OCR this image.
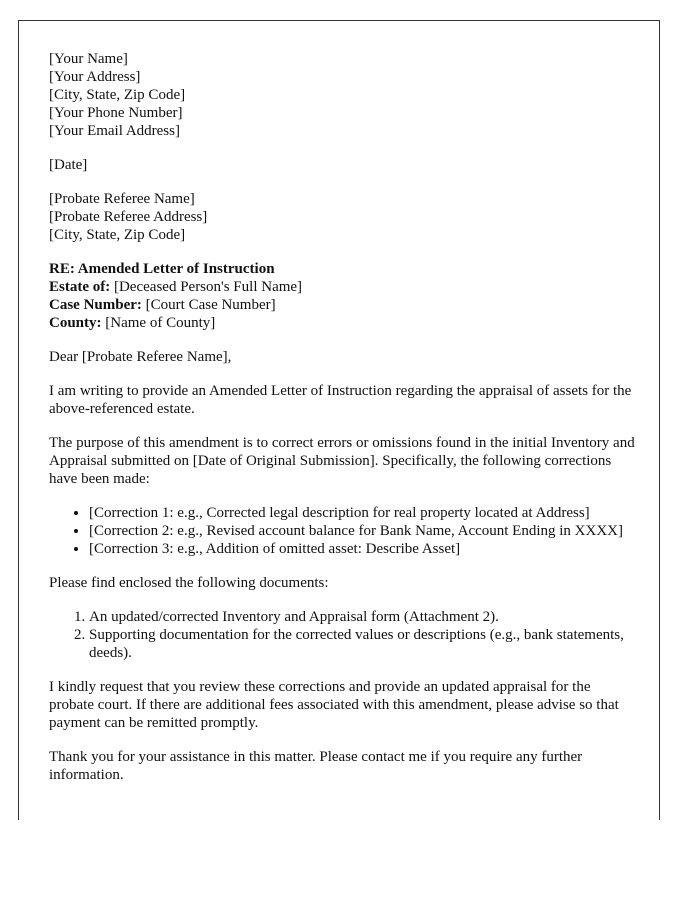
[Your Name]
[Your Address]
[City, State, Zip Code]
[Your Phone Number]
[Your Email Address]

[Date]

[Probate Referee Name]
[Probate Referee Address]
[City, State, Zip Code]
RE: Amended Letter of Instruction
Estate of: [Deceased Person's Full Name]
Case Number: [Court Case Number]
County: [Name of County]

Dear [Probate Referee Name],

I am writing to provide an Amended Letter of Instruction regarding the appraisal of assets for the above-referenced estate.

The purpose of this amendment is to correct errors or omissions found in the initial Inventory and Appraisal submitted on [Date of Original Submission]. Specifically, the following corrections have been made:

• [Correction 1: e.g., Corrected legal description for real property located at Address]
• [Correction 2: e.g., Revised account balance for Bank Name, Account Ending in XXXX]
• [Correction 3: e.g., Addition of omitted asset: Describe Asset]

Please find enclosed the following documents:

1. An updated/corrected Inventory and Appraisal form (Attachment 2).
2. Supporting documentation for the corrected values or descriptions (e.g., bank statements, deeds).

I kindly request that you review these corrections and provide an updated appraisal for the probate court. If there are additional fees associated with this amendment, please advise so that payment can be remitted promptly.

Thank you for your assistance in this matter. Please contact me if you require any further information.
